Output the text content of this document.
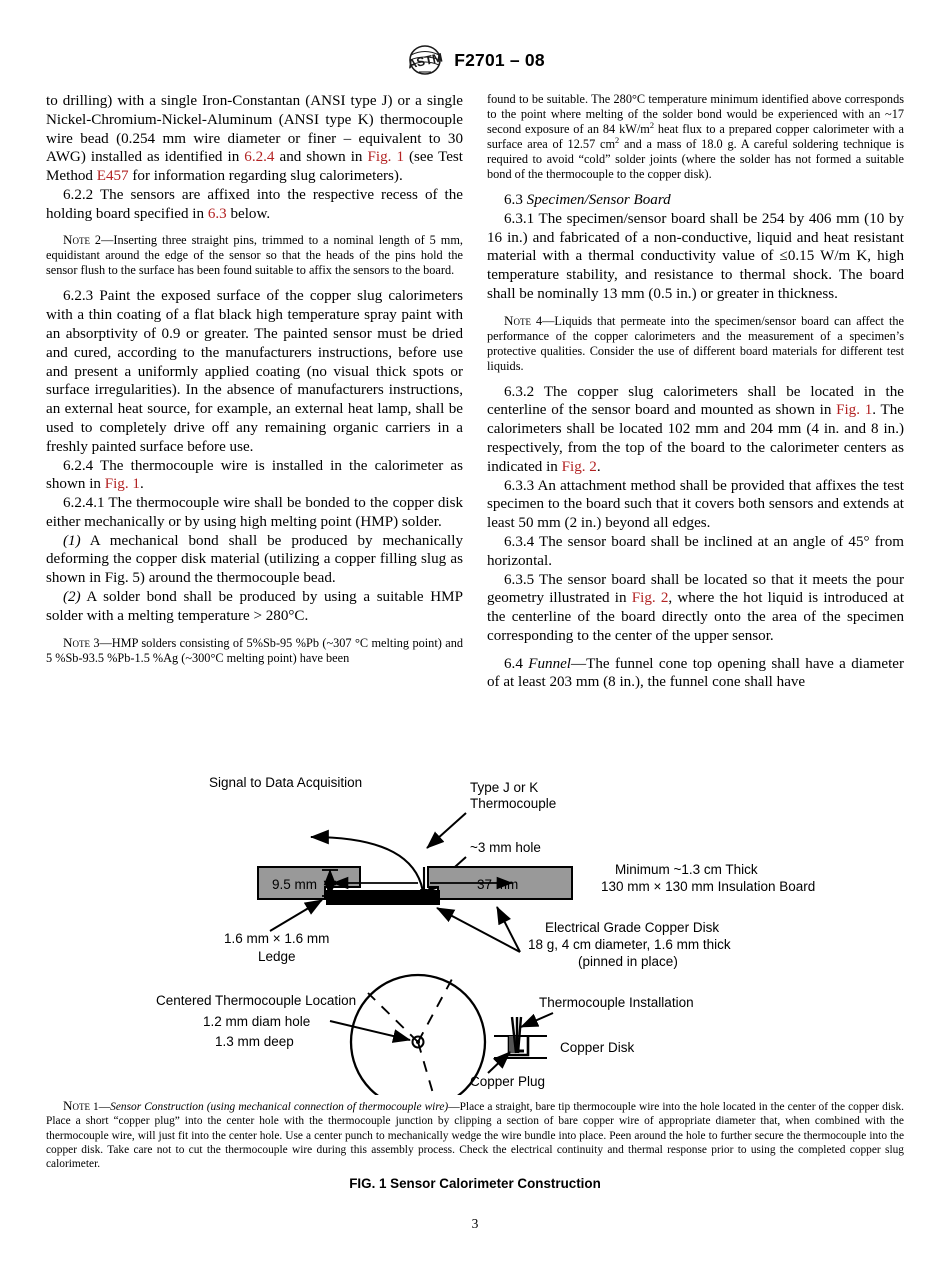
ASTM F2701 – 08

to drilling) with a single Iron-Constantan (ANSI type J) or a single Nickel-Chromium-Nickel-Aluminum (ANSI type K) thermocouple wire bead (0.254 mm wire diameter or finer – equivalent to 30 AWG) installed as identified in 6.2.4 and shown in Fig. 1 (see Test Method E457 for information regarding slug calorimeters).

6.2.2 The sensors are affixed into the respective recess of the holding board specified in 6.3 below.

Note 2—Inserting three straight pins, trimmed to a nominal length of 5 mm, equidistant around the edge of the sensor so that the heads of the pins hold the sensor flush to the surface has been found suitable to affix the sensors to the board.

6.2.3 Paint the exposed surface of the copper slug calorimeters with a thin coating of a flat black high temperature spray paint with an absorptivity of 0.9 or greater. The painted sensor must be dried and cured, according to the manufacturers instructions, before use and present a uniformly applied coating (no visual thick spots or surface irregularities). In the absence of manufacturers instructions, an external heat source, for example, an external heat lamp, shall be used to completely drive off any remaining organic carriers in a freshly painted surface before use.

6.2.4 The thermocouple wire is installed in the calorimeter as shown in Fig. 1.

6.2.4.1 The thermocouple wire shall be bonded to the copper disk either mechanically or by using high melting point (HMP) solder.

(1) A mechanical bond shall be produced by mechanically deforming the copper disk material (utilizing a copper filling slug as shown in Fig. 5) around the thermocouple bead.

(2) A solder bond shall be produced by using a suitable HMP solder with a melting temperature > 280°C.

Note 3—HMP solders consisting of 5%Sb-95 %Pb (~307 °C melting point) and 5 %Sb-93.5 %Pb-1.5 %Ag (~300°C melting point) have been

found to be suitable. The 280°C temperature minimum identified above corresponds to the point where melting of the solder bond would be experienced with an ~17 second exposure of an 84 $kW/m^2$ heat flux to a prepared copper calorimeter with a surface area of 12.57 $cm^2$ and a mass of 18.0 g. A careful soldering technique is required to avoid “cold” solder joints (where the solder has not formed a suitable bond of the thermocouple to the copper disk).

6.3 Specimen/Sensor Board

6.3.1 The specimen/sensor board shall be 254 by 406 mm (10 by 16 in.) and fabricated of a non-conductive, liquid and heat resistant material with a thermal conductivity value of ≤0.15 W/m K, high temperature stability, and resistance to thermal shock. The board shall be nominally 13 mm (0.5 in.) or greater in thickness.

Note 4—Liquids that permeate into the specimen/sensor board can affect the performance of the copper calorimeters and the measurement of a specimen’s protective qualities. Consider the use of different board materials for different test liquids.

6.3.2 The copper slug calorimeters shall be located in the centerline of the sensor board and mounted as shown in Fig. 1. The calorimeters shall be located 102 mm and 204 mm (4 in. and 8 in.) respectively, from the top of the board to the calorimeter centers as indicated in Fig. 2.

6.3.3 An attachment method shall be provided that affixes the test specimen to the board such that it covers both sensors and extends at least 50 mm (2 in.) beyond all edges.

6.3.4 The sensor board shall be inclined at an angle of 45° from horizontal.

6.3.5 The sensor board shall be located so that it meets the pour geometry illustrated in Fig. 2, where the hot liquid is introduced at the centerline of the board directly onto the area of the specimen corresponding to the center of the upper sensor.

6.4 Funnel—The funnel cone top opening shall have a diameter of at least 203 mm (8 in.), the funnel cone shall have

Signal to Data Acquisition	Type J or K
Thermocouple
~3 mm hole
9.5 mm	37 mm
Minimum ~1.3 cm Thick
130 mm × 130 mm Insulation Board
1.6 mm × 1.6 mm
Ledge
Electrical Grade Copper Disk
18 g, 4 cm diameter, 1.6 mm thick
(pinned in place)
Centered Thermocouple Location
1.2 mm diam hole
1.3 mm deep
Thermocouple Installation
Copper Disk
Copper Plug

Note 1—Sensor Construction (using mechanical connection of thermocouple wire)—Place a straight, bare tip thermocouple wire into the hole located in the center of the copper disk. Place a short “copper plug” into the center hole with the thermocouple junction by clipping a section of bare copper wire of appropriate diameter that, when combined with the thermocouple wire, will just fit into the center hole. Use a center punch to mechanically wedge the wire bundle into place. Peen around the hole to further secure the thermocouple into the copper disk. Take care not to cut the thermocouple wire during this assembly process. Check the electrical continuity and thermal response prior to using the completed copper slug calorimeter.

FIG. 1 Sensor Calorimeter Construction
3
